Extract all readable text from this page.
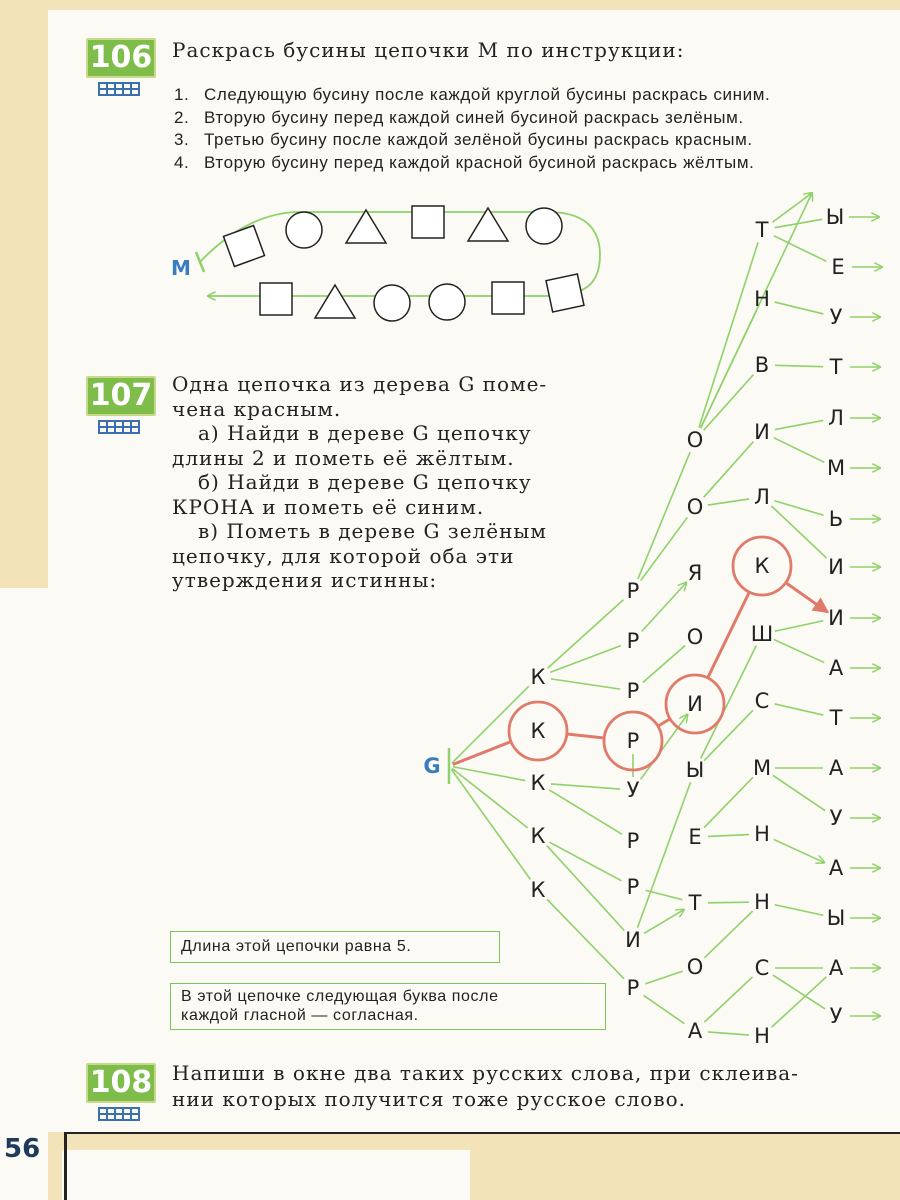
56
106 Раскрась бусины цепочки М по инструкции:
1. Следующую бусину после каждой круглой бусины раскрась синим.
2. Вторую бусину перед каждой синей бусиной раскрась зелёным.
3. Третью бусину после каждой зелёной бусины раскрась красным.
4. Вторую бусину перед каждой красной бусиной раскрась жёлтым.
107 Одна цепочка из дерева G поме-

чена красным.

а) Найди в дереве G цепочку

длины 2 и пометь её жёлтым.

б) Найди в дереве G цепочку

КРОНА и пометь её синим.

в) Пометь в дереве G зелёным

цепочку, для которой оба эти

утверждения истинны:

Длина этой цепочки равна 5.
В этой цепочке следующая буква после
каждой гласной — согласная.
108 Напиши в окне два таких русских слова, при склеива-
нии которых получится тоже русское слово.
М
К
К
К
К
К
Р
Р
Р
Р
Р
Р
У
И
Р
О
О
Я
О
И
Ы
Е
Т
О
А
Т
Н
В
И
Л
К
Ш
С
М
Н
Н
С
Н
Ы
Е
У
Т
Л
М
Ь
И
И
А
Т
А
У
А
Ы
А
У
G
